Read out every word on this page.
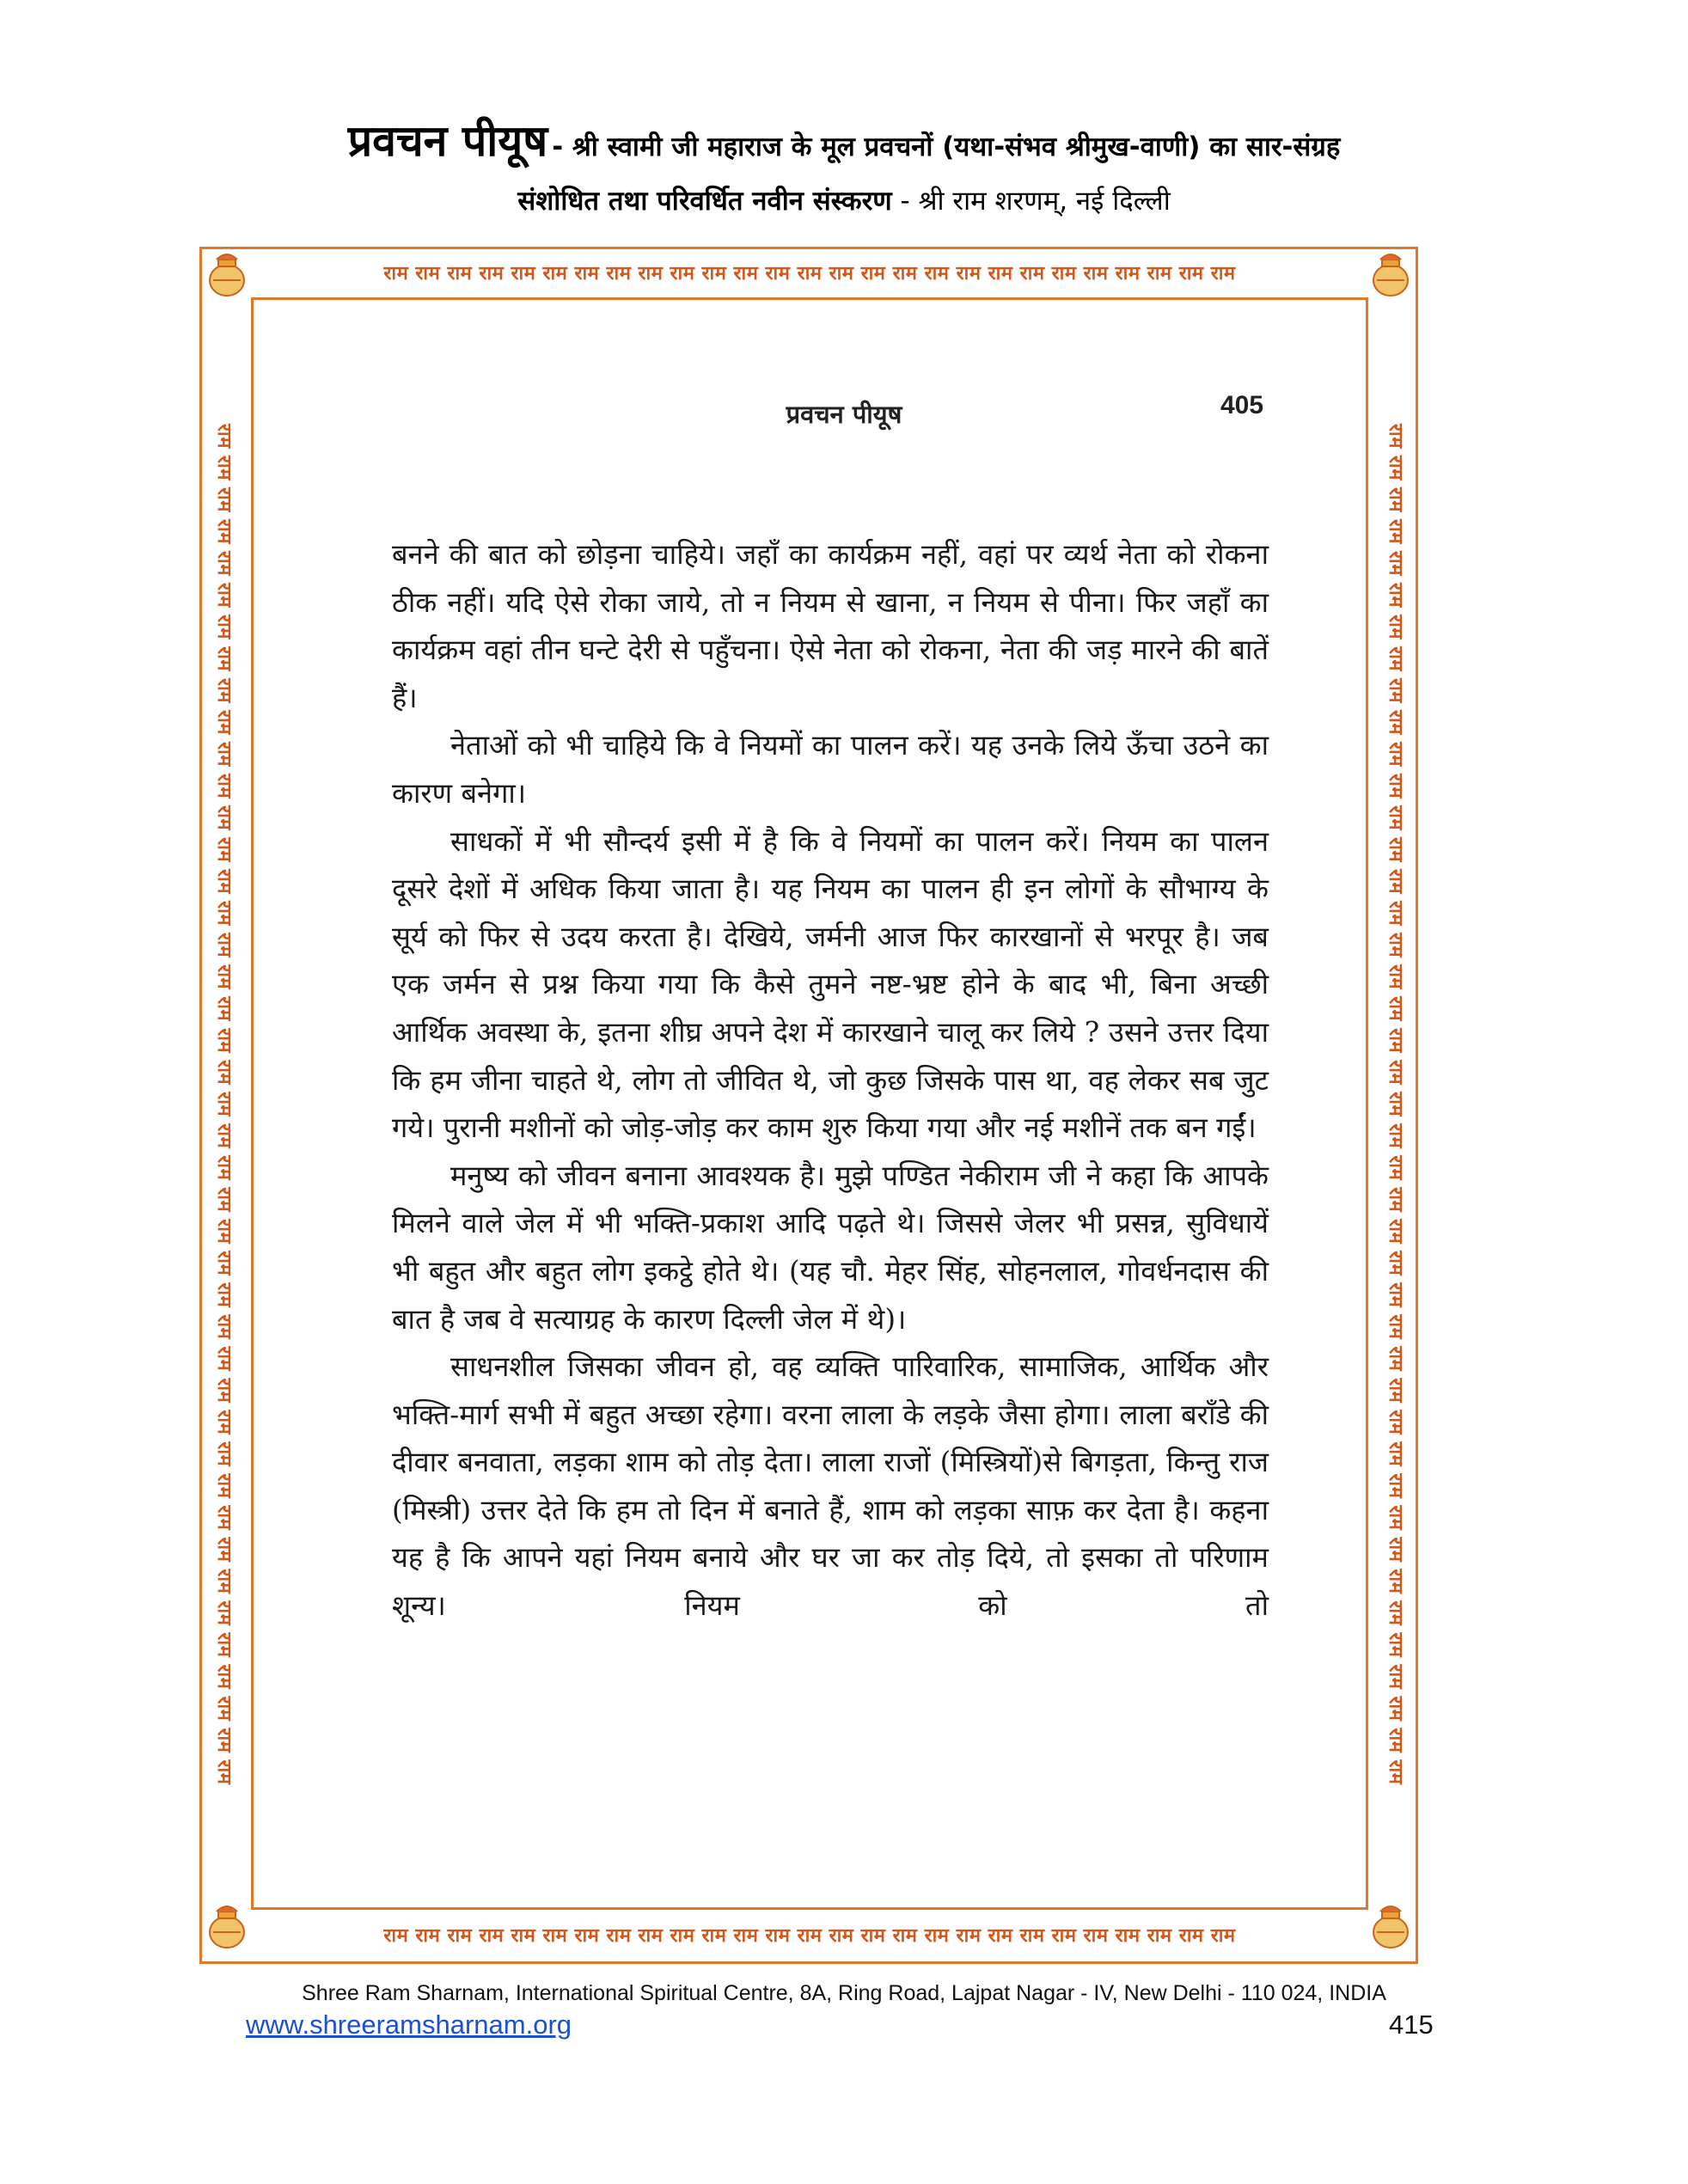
प्रवचन पीयूष - श्री स्वामी जी महाराज के मूल प्रवचनों (यथा-संभव श्रीमुख-वाणी) का सार-संग्रह
संशोधित तथा परिवर्धित नवीन संस्करण - श्री राम शरणम्, नई दिल्ली
राम राम राम राम राम राम राम राम राम राम राम राम राम राम राम राम राम राम राम राम राम राम राम राम राम राम राम
राम राम राम राम राम राम राम राम राम राम राम राम राम राम राम राम राम राम राम राम राम राम राम राम राम राम राम
राम राम राम राम राम राम राम राम राम राम राम राम राम राम राम राम राम राम राम राम राम राम राम राम राम राम राम राम राम राम राम राम राम राम राम राम राम राम राम राम राम राम राम	राम राम राम राम राम राम राम राम राम राम राम राम राम राम राम राम राम राम राम राम राम राम राम राम राम राम राम राम राम राम राम राम राम राम राम राम राम राम राम राम राम राम राम
प्रवचन पीयूष	405

बनने की बात को छोड़ना चाहिये। जहाँ का कार्यक्रम नहीं, वहां पर व्यर्थ नेता को रोकना ठीक नहीं। यदि ऐसे रोका जाये, तो न नियम से खाना, न नियम से पीना। फिर जहाँ का कार्यक्रम वहां तीन घन्टे देरी से पहुँचना। ऐसे नेता को रोकना, नेता की जड़ मारने की बातें हैं।

नेताओं को भी चाहिये कि वे नियमों का पालन करें। यह उनके लिये ऊँचा उठने का कारण बनेगा।

साधकों में भी सौन्दर्य इसी में है कि वे नियमों का पालन करें। नियम का पालन दूसरे देशों में अधिक किया जाता है। यह नियम का पालन ही इन लोगों के सौभाग्य के सूर्य को फिर से उदय करता है। देखिये, जर्मनी आज फिर कारखानों से भरपूर है। जब एक जर्मन से प्रश्न किया गया कि कैसे तुमने नष्ट-भ्रष्ट होने के बाद भी, बिना अच्छी आर्थिक अवस्था के, इतना शीघ्र अपने देश में कारखाने चालू कर लिये ? उसने उत्तर दिया कि हम जीना चाहते थे, लोग तो जीवित थे, जो कुछ जिसके पास था, वह लेकर सब जुट गये। पुरानी मशीनों को जोड़-जोड़ कर काम शुरु किया गया और नई मशीनें तक बन गईं।

मनुष्य को जीवन बनाना आवश्यक है। मुझे पण्डित नेकीराम जी ने कहा कि आपके मिलने वाले जेल में भी भक्ति-प्रकाश आदि पढ़ते थे। जिससे जेलर भी प्रसन्न, सुविधायें भी बहुत और बहुत लोग इकट्ठे होते थे। (यह चौ. मेहर सिंह, सोहनलाल, गोवर्धनदास की बात है जब वे सत्याग्रह के कारण दिल्ली जेल में थे)।

साधनशील जिसका जीवन हो, वह व्यक्ति पारिवारिक, सामाजिक, आर्थिक और भक्ति-मार्ग सभी में बहुत अच्छा रहेगा। वरना लाला के लड़के जैसा होगा। लाला बराँडे की दीवार बनवाता, लड़का शाम को तोड़ देता। लाला राजों (मिस्त्रियों)से बिगड़ता, किन्तु राज (मिस्त्री) उत्तर देते कि हम तो दिन में बनाते हैं, शाम को लड़का साफ़ कर देता है। कहना यह है कि आपने यहां नियम बनाये और घर जा कर तोड़ दिये, तो इसका तो परिणाम शून्य। नियम को तो

Shree Ram Sharnam, International Spiritual Centre, 8A, Ring Road, Lajpat Nagar - IV, New Delhi - 110 024, INDIA
www.shreeramsharnam.org	415
